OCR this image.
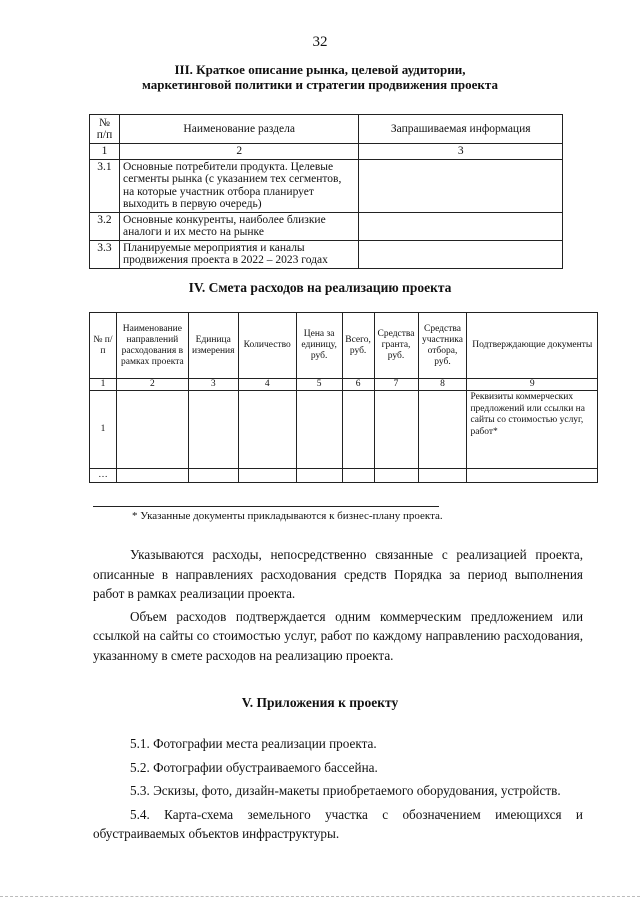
32
III. Краткое описание рынка, целевой аудитории,
маркетинговой политики и стратегии продвижения проекта
№ п/п	Наименование раздела	Запрашиваемая информация
1	2	3
3.1	Основные потребители продукта. Целевые сегменты рынка (с указанием тех сегментов, на которые участник отбора планирует выходить в первую очередь)	
3.2	Основные конкуренты, наиболее близкие аналоги и их место на рынке	
3.3	Планируемые мероприятия и каналы продвижения проекта в 2022 – 2023 годах	
IV. Смета расходов на реализацию проекта
№ п/п	Наименование направлений расходования в рамках проекта	Единица измерения	Количество	Цена за единицу, руб.	Всего, руб.	Средства гранта, руб.	Средства участника отбора, руб.	Подтверждающие документы
1	2	3	4	5	6	7	8	9
1								Реквизиты коммерческих предложений или ссылки на сайты со стоимостью услуг, работ*
…								
* Указанные документы прикладываются к бизнес-плану проекта.

Указываются расходы, непосредственно связанные с реализацией проекта, описанные в направлениях расходования средств Порядка за период выполнения работ в рамках реализации проекта.

Объем расходов подтверждается одним коммерческим предложением или ссылкой на сайты со стоимостью услуг, работ по каждому направлению расходования, указанному в смете расходов на реализацию проекта.

V. Приложения к проекту

5.1. Фотографии места реализации проекта.

5.2. Фотографии обустраиваемого бассейна.

5.3. Эскизы, фото, дизайн-макеты приобретаемого оборудования, устройств.

5.4. Карта-схема земельного участка с обозначением имеющихся и обустраиваемых объектов инфраструктуры.
